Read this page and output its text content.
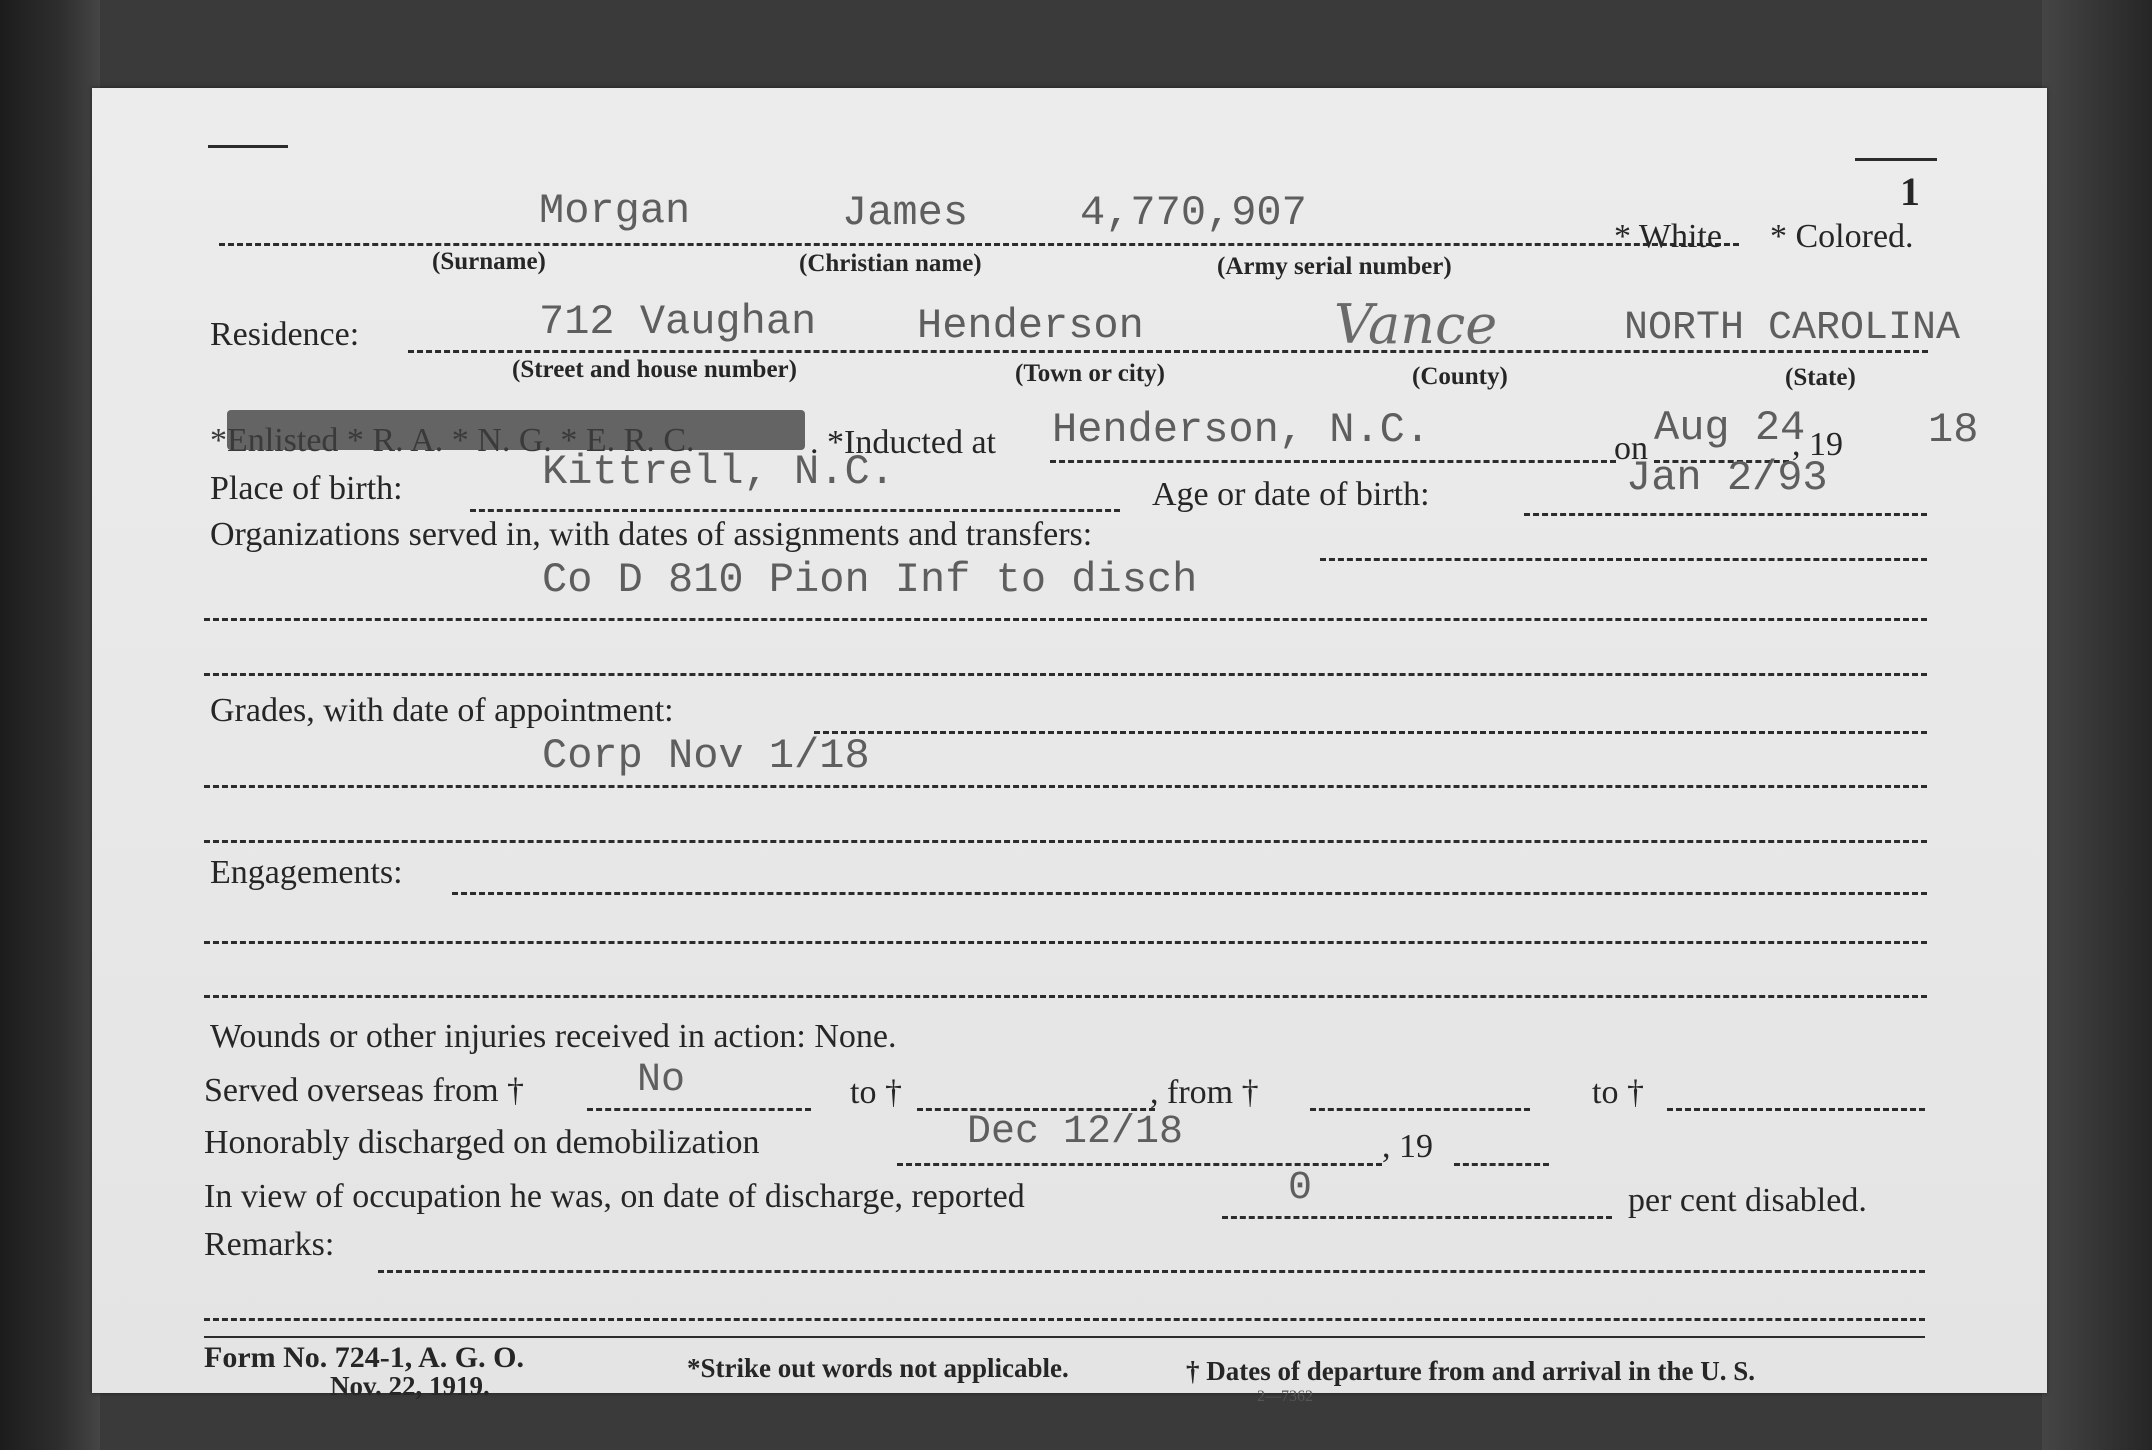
1
Morgan	James	4,770,907	* White * Colored.
(Surname)	(Christian name)	(Army serial number)
Residence:	712 Vaughan Henderson	Vance	NORTH CAROLINA
(Street and house number)	(Town or city)	(County)	(State)
*Enlisted * R. A. * N. G. * E. R. C.	. *Inducted at Henderson, N.C.	on Aug 24
, 19 18
Place of birth:	Kittrell, N.C.	Age or date of birth:	Jan 2/93
Organizations served in, with dates of assignments and transfers:
Co D 810 Pion Inf to disch
Grades, with date of appointment:
Corp Nov 1/18
Engagements:
Wounds or other injuries received in action: None.
Served overseas from †	No	to †	, from †	to †
Honorably discharged on demobilization	Dec 12/18	, 19
In view of occupation he was, on date of discharge, reported	0	per cent disabled.
Remarks:
Form No. 724-1, A. G. O.
Nov. 22, 1919.
*Strike out words not applicable.	† Dates of departure from and arrival in the U. S.
2—7362
